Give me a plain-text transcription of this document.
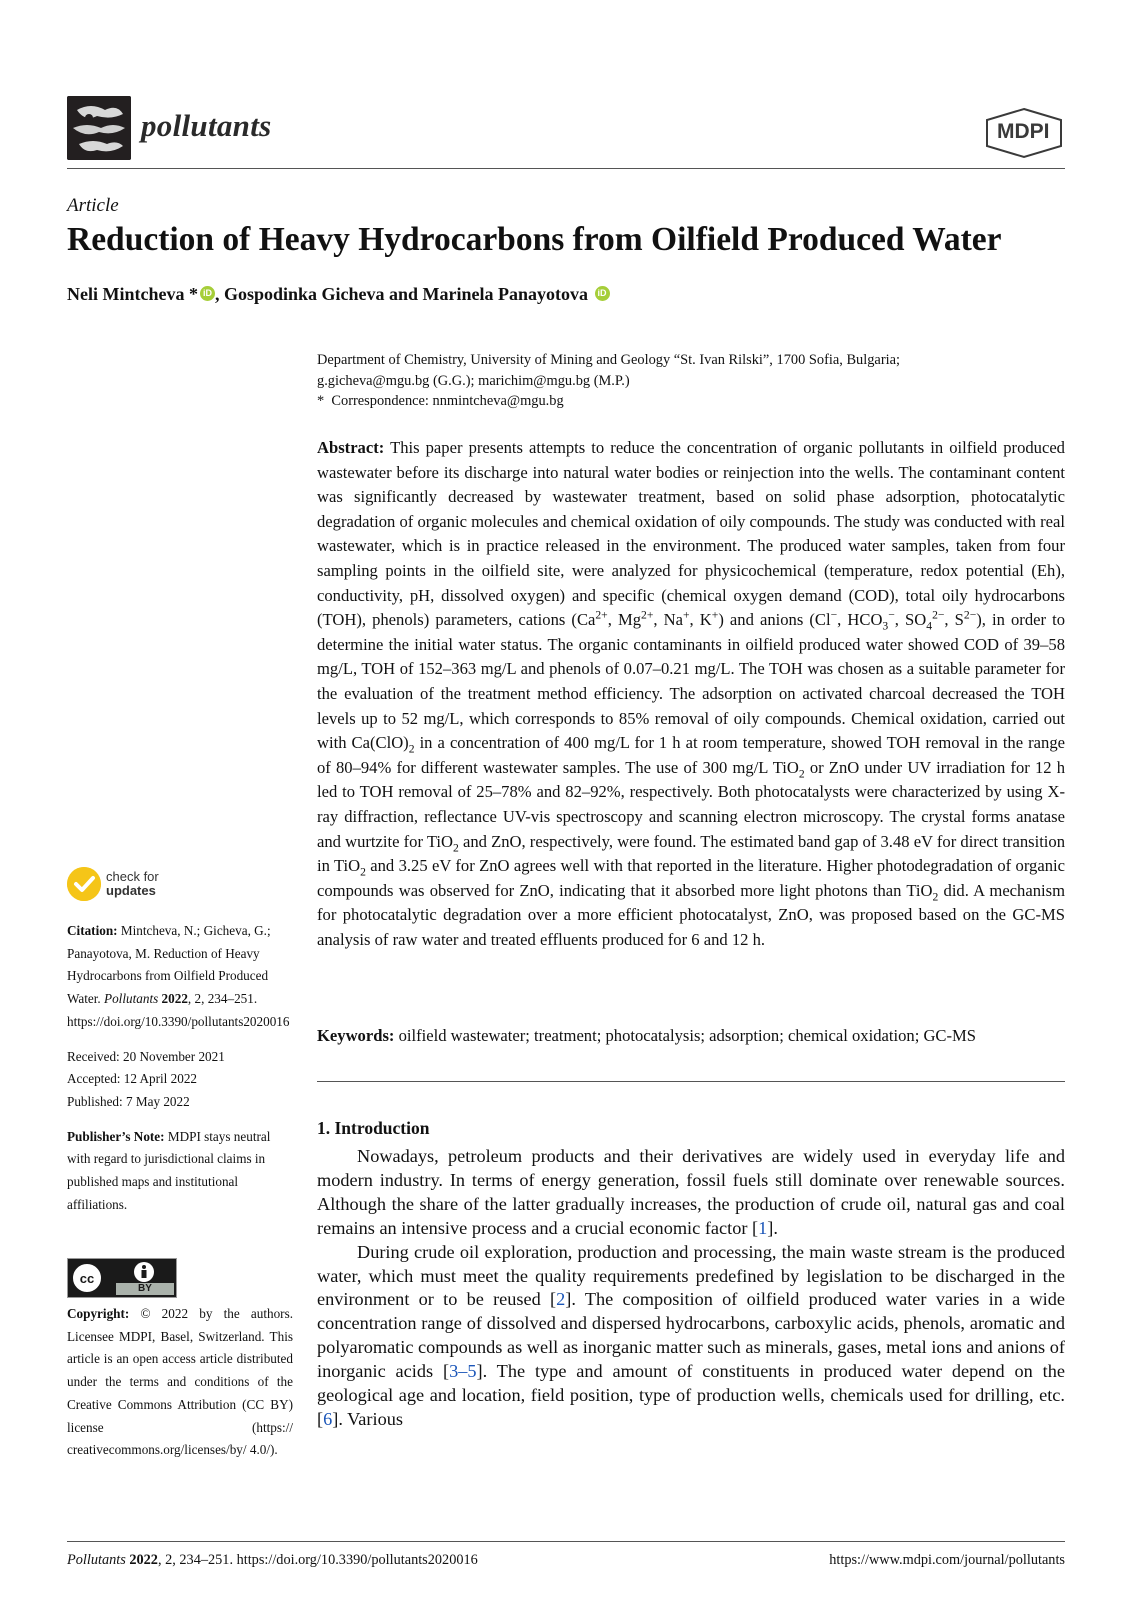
pollutants	MDPI
Article
Reduction of Heavy Hydrocarbons from Oilfield Produced Water
Neli Mintcheva * iD , Gospodinka Gicheva and Marinela Panayotova iD
Department of Chemistry, University of Mining and Geology “St. Ivan Rilski”, 1700 Sofia, Bulgaria;
g.gicheva@mgu.bg (G.G.); marichim@mgu.bg (M.P.)
* Correspondence: nnmintcheva@mgu.bg
Abstract: This paper presents attempts to reduce the concentration of organic pollutants in oilfield produced wastewater before its discharge into natural water bodies or reinjection into the wells. The contaminant content was significantly decreased by wastewater treatment, based on solid phase adsorption, photocatalytic degradation of organic molecules and chemical oxidation of oily compounds. The study was conducted with real wastewater, which is in practice released in the environment. The produced water samples, taken from four sampling points in the oilfield site, were analyzed for physicochemical (temperature, redox potential (Eh), conductivity, pH, dissolved oxygen) and specific (chemical oxygen demand (COD), total oily hydrocarbons (TOH), phenols) parameters, cations ($Ca^{2+}$, $Mg^{2+}$, Na+, K+) and anions (Cl−, $HCO_3^-$, $SO_4^{2-}$, $S^{2-}$), in order to determine the initial water status. The organic contaminants in oilfield produced water showed COD of 39–58 mg/L, TOH of 152–363 mg/L and phenols of 0.07–0.21 mg/L. The TOH was chosen as a suitable parameter for the evaluation of the treatment method efficiency. The adsorption on activated charcoal decreased the TOH levels up to 52 mg/L, which corresponds to 85% removal of oily compounds. Chemical oxidation, carried out with $Ca(ClO)_2$ in a concentration of 400 mg/L for 1 h at room temperature, showed TOH removal in the range of 80–94% for different wastewater samples. The use of 300 mg/L TiO$_2$ or ZnO under UV irradiation for 12 h led to TOH removal of 25–78% and 82–92%, respectively. Both photocatalysts were characterized by using X-ray diffraction, reflectance UV-vis spectroscopy and scanning electron microscopy. The crystal forms anatase and wurtzite for TiO$_2$ and ZnO, respectively, were found. The estimated band gap of 3.48 eV for direct transition in TiO$_2$ and 3.25 eV for ZnO agrees well with that reported in the literature. Higher photodegradation of organic compounds was observed for ZnO, indicating that it absorbed more light photons than TiO$_2$ did. A mechanism for photocatalytic degradation over a more efficient photocatalyst, ZnO, was proposed based on the GC-MS analysis of raw water and treated effluents produced for 6 and 12 h.
Keywords: oilfield wastewater; treatment; photocatalysis; adsorption; chemical oxidation; GC-MS
1. Introduction

Nowadays, petroleum products and their derivatives are widely used in everyday life and modern industry. In terms of energy generation, fossil fuels still dominate over renewable sources. Although the share of the latter gradually increases, the production of crude oil, natural gas and coal remains an intensive process and a crucial economic factor [1].

During crude oil exploration, production and processing, the main waste stream is the produced water, which must meet the quality requirements predefined by legislation to be discharged in the environment or to be reused [2]. The composition of oilfield produced water varies in a wide concentration range of dissolved and dispersed hydrocarbons, carboxylic acids, phenols, aromatic and polyaromatic compounds as well as inorganic matter such as minerals, gases, metal ions and anions of inorganic acids [3–5]. The type and amount of constituents in produced water depend on the geological age and location, field position, type of production wells, chemicals used for drilling, etc. [6]. Various

check for
updates

Citation: Mintcheva, N.; Gicheva, G.; Panayotova, M. Reduction of Heavy Hydrocarbons from Oilfield Produced Water. Pollutants 2022, 2, 234–251. https://doi.org/10.3390/pollutants2020016

Received: 20 November 2021
Accepted: 12 April 2022
Published: 7 May 2022

Publisher’s Note: MDPI stays neutral with regard to jurisdictional claims in published maps and institutional affiliations.

cc
BY
Copyright: © 2022 by the authors. Licensee MDPI, Basel, Switzerland. This article is an open access article distributed under the terms and conditions of the Creative Commons Attribution (CC BY) license (https:// creativecommons.org/licenses/by/ 4.0/).
Pollutants 2022, 2, 234–251. https://doi.org/10.3390/pollutants2020016	https://www.mdpi.com/journal/pollutants
